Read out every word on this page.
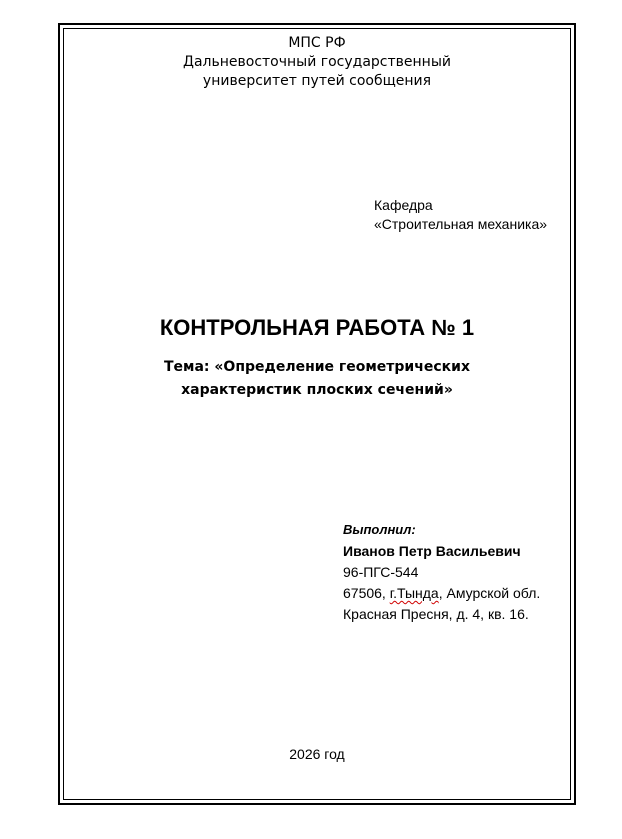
МПС РФ
Дальневосточный государственный
университет путей сообщения
Кафедра
«Строительная механика»
КОНТРОЛЬНАЯ РАБОТА № 1
Тема: «Определение геометрических
характеристик плоских сечений»
Выполнил:
Иванов Петр Васильевич
96-ПГС-544
67506, г.Тында, Амурской обл.
Красная Пресня, д. 4, кв. 16.
2026 год
